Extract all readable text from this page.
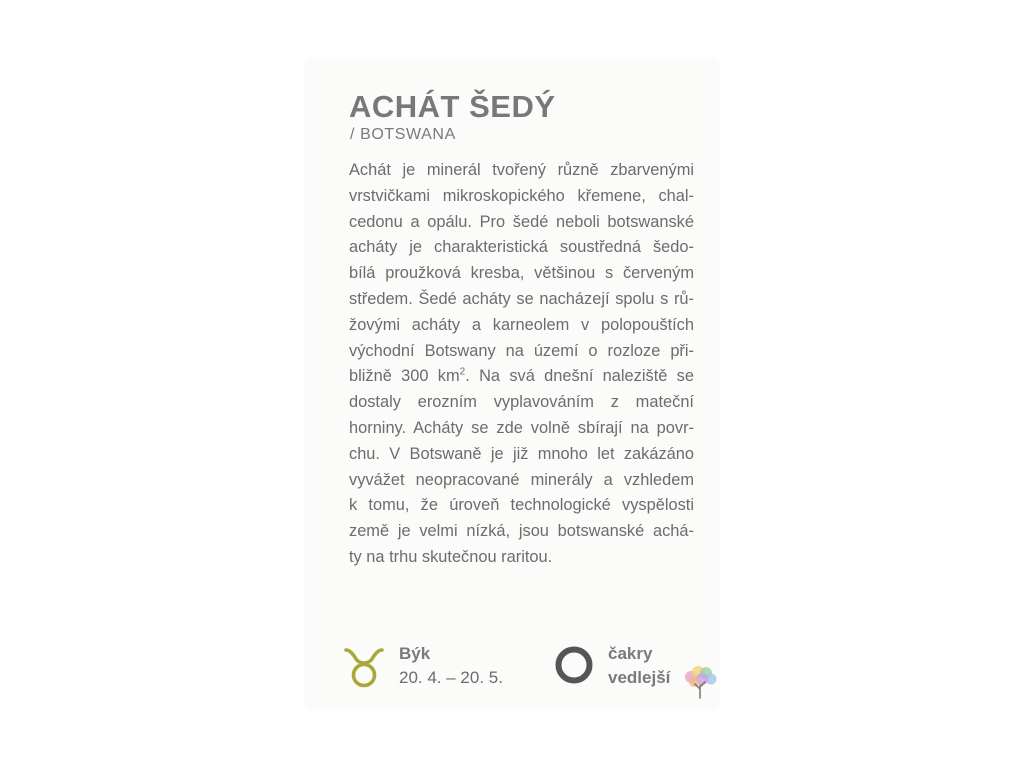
ACHÁT ŠEDÝ
/ BOTSWANA
Achát je minerál tvořený různě zbarvenými
vrstvičkami mikroskopického křemene, chal-
cedonu a opálu. Pro šedé neboli botswanské
acháty je charakteristická soustředná šedo-
bílá proužková kresba, většinou s červeným
středem. Šedé acháty se nacházejí spolu s rů-
žovými acháty a karneolem v polopouštích
východní Botswany na území o rozloze při-
bližně 300 $km^2$. Na svá dnešní naleziště se
dostaly erozním vyplavováním z mateční
horniny. Acháty se zde volně sbírají na povr-
chu. V Botswaně je již mnoho let zakázáno
vyvážet neopracované minerály a vzhledem
k tomu, že úroveň technologické vyspělosti
země je velmi nízká, jsou botswanské achá-
ty na trhu skutečnou raritou.
Býk
20. 4. – 20. 5.
čakry
vedlejší
